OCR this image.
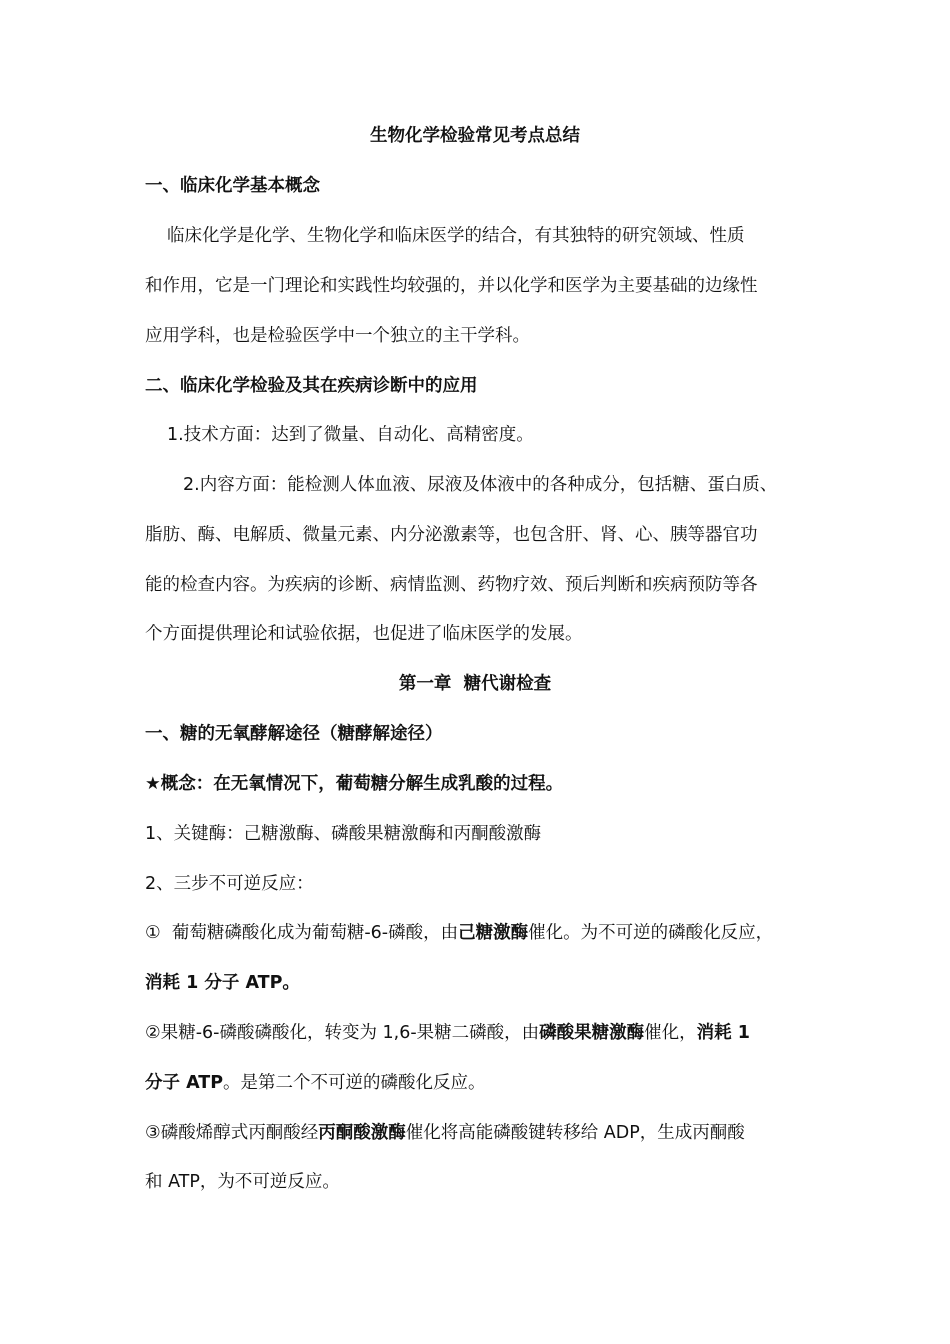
生物化学检验常见考点总结
一、临床化学基本概念
临床化学是化学、生物化学和临床医学的结合，有其独特的研究领域、性质
和作用，它是一门理论和实践性均较强的，并以化学和医学为主要基础的边缘性
应用学科，也是检验医学中一个独立的主干学科。
二、临床化学检验及其在疾病诊断中的应用
1.技术方面：达到了微量、自动化、高精密度。
2.内容方面：能检测人体血液、尿液及体液中的各种成分，包括糖、蛋白质、
脂肪、酶、电解质、微量元素、内分泌激素等，也包含肝、肾、心、胰等器官功
能的检查内容。为疾病的诊断、病情监测、药物疗效、预后判断和疾病预防等各
个方面提供理论和试验依据，也促进了临床医学的发展。
第一章  糖代谢检查
一、糖的无氧酵解途径（糖酵解途径）
★概念：在无氧情况下，葡萄糖分解生成乳酸的过程。
1、关键酶：己糖激酶、磷酸果糖激酶和丙酮酸激酶
2、三步不可逆反应：
①  葡萄糖磷酸化成为葡萄糖-6-磷酸，由己糖激酶催化。为不可逆的磷酸化反应，
消耗 1 分子 ATP。
②果糖-6-磷酸磷酸化，转变为 1,6-果糖二磷酸，由磷酸果糖激酶催化，消耗 1
分子 ATP。是第二个不可逆的磷酸化反应。
③磷酸烯醇式丙酮酸经丙酮酸激酶催化将高能磷酸键转移给 ADP，生成丙酮酸
和 ATP，为不可逆反应。
